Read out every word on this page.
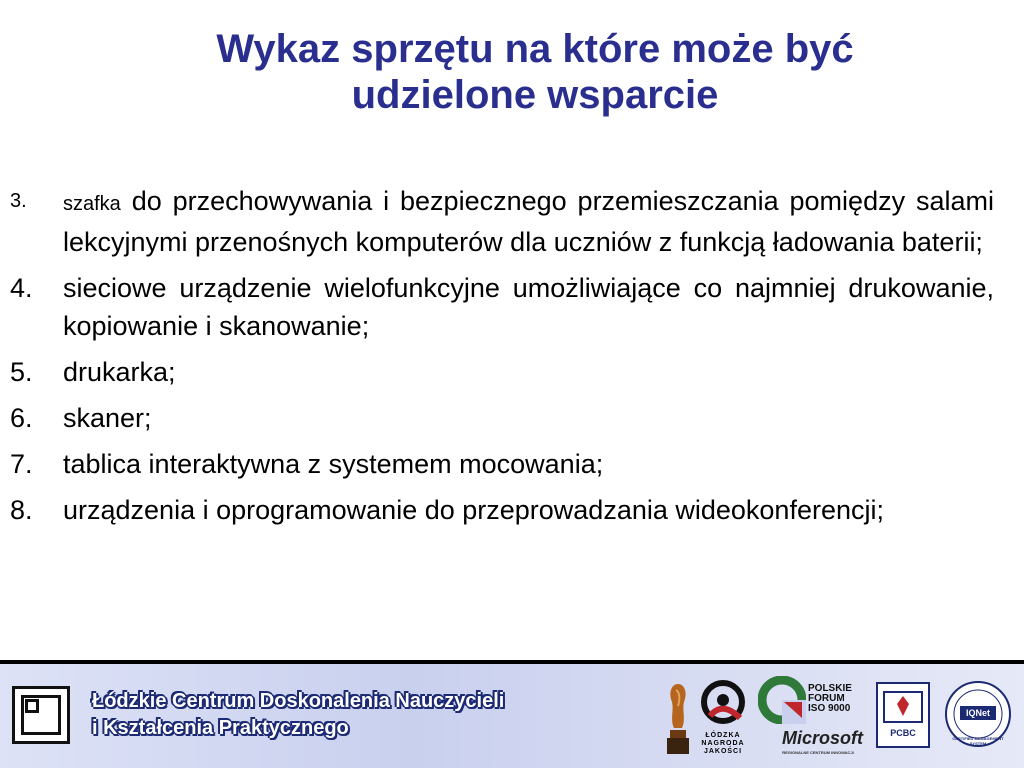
Wykaz sprzętu na które może być
udzielone wsparcie
3. szafka do przechowywania i bezpiecznego przemieszczania pomiędzy salami lekcyjnymi przenośnych komputerów dla uczniów z funkcją ładowania baterii;
4. sieciowe urządzenie wielofunkcyjne umożliwiające co najmniej drukowanie, kopiowanie i skanowanie;
5. drukarka;
6. skaner;
7. tablica interaktywna z systemem mocowania;
8. urządzenia i oprogramowanie do przeprowadzania wideokonferencji;
Łódzkie Centrum Doskonalenia Nauczycieli
i Kształcenia Praktycznego	ŁÓDZKA NAGRODA JAKOŚCI
POLSKIE
FORUM
ISO 9000
Microsoft
REGIONALNE CENTRUM INNOWACJI
PCBC
IQNet
CERTIFIED MANAGEMENT SYSTEM
